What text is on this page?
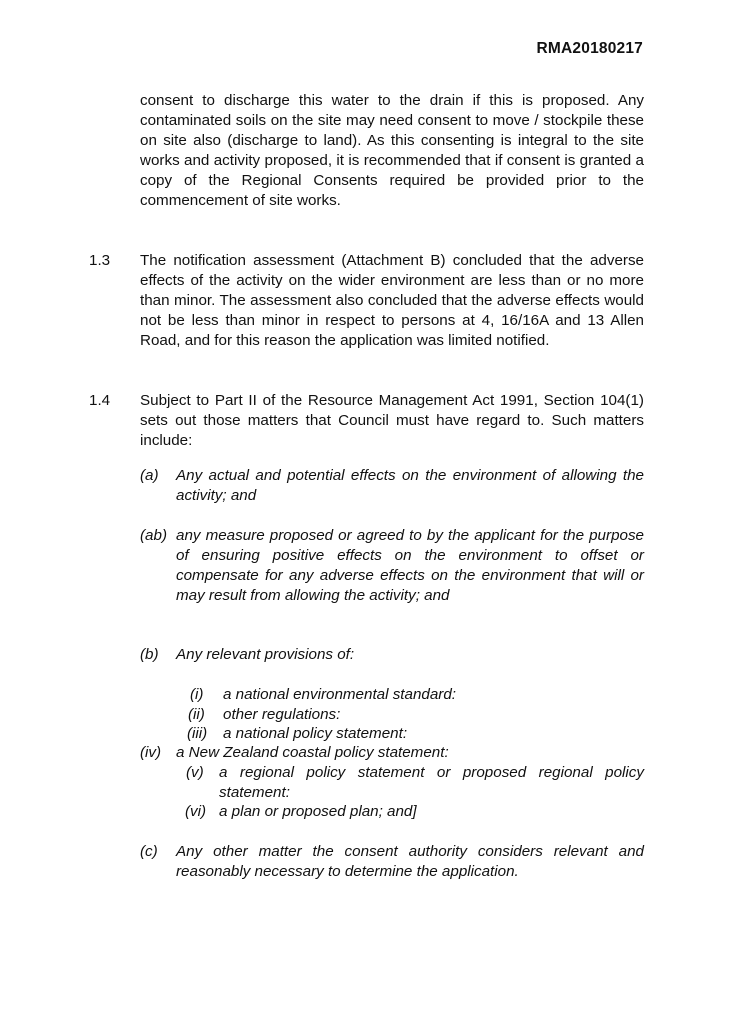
RMA20180217
consent to discharge this water to the drain if this is proposed. Any contaminated soils on the site may need consent to move / stockpile these on site also (discharge to land). As this consenting is integral to the site works and activity proposed, it is recommended that if consent is granted a copy of the Regional Consents required be provided prior to the commencement of site works.
1.3 The notification assessment (Attachment B) concluded that the adverse effects of the activity on the wider environment are less than or no more than minor. The assessment also concluded that the adverse effects would not be less than minor in respect to persons at 4, 16/16A and 13 Allen Road, and for this reason the application was limited notified.
1.4 Subject to Part II of the Resource Management Act 1991, Section 104(1) sets out those matters that Council must have regard to. Such matters include:
(a) Any actual and potential effects on the environment of allowing the activity; and
(ab) any measure proposed or agreed to by the applicant for the purpose of ensuring positive effects on the environment to offset or compensate for any adverse effects on the environment that will or may result from allowing the activity; and
(b) Any relevant provisions of:
(i) a national environmental standard:
(ii) other regulations:
(iii) a national policy statement:
(iv) a New Zealand coastal policy statement:
(v) a regional policy statement or proposed regional policy statement:
(vi) a plan or proposed plan; and]
(c) Any other matter the consent authority considers relevant and reasonably necessary to determine the application.
